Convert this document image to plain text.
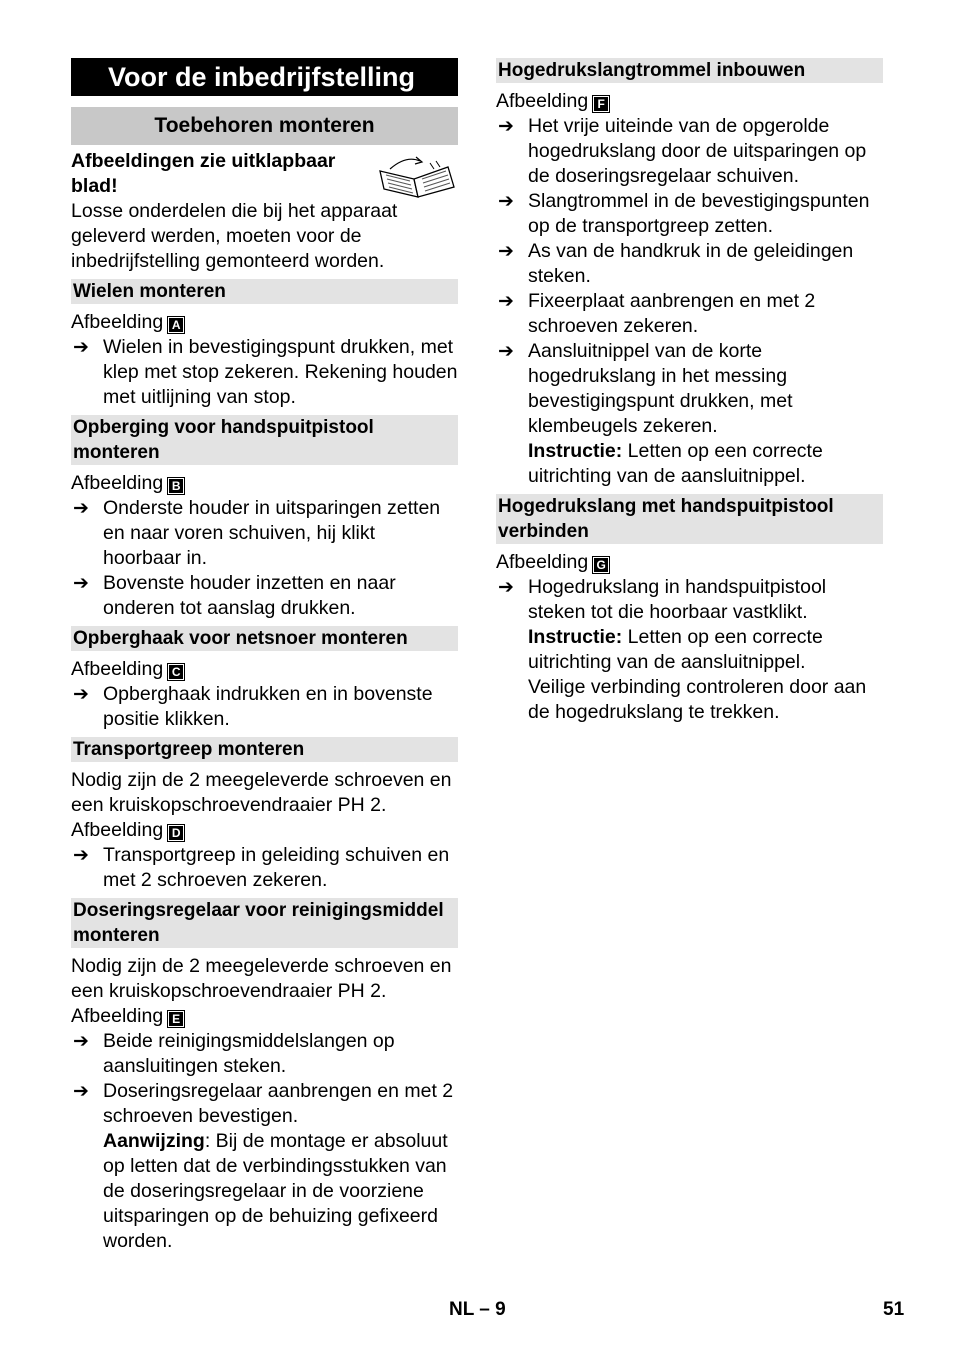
Voor de inbedrijfstelling
Toebehoren monteren

Afbeeldingen zie uitklapbaar blad!

Losse onderdelen die bij het apparaat geleverd werden, moeten voor de inbedrijfstelling gemonteerd worden.

Wielen monteren

Afbeelding A

➔ Wielen in bevestigingspunt drukken, met klep met stop zekeren. Rekening houden met uitlijning van stop.

Opberging voor handspuitpistool monteren

Afbeelding B

➔ Onderste houder in uitsparingen zetten en naar voren schuiven, hij klikt hoorbaar in.

➔ Bovenste houder inzetten en naar onderen tot aanslag drukken.

Opberghaak voor netsnoer monteren

Afbeelding C

➔ Opberghaak indrukken en in bovenste positie klikken.

Transportgreep monteren

Nodig zijn de 2 meegeleverde schroeven en een kruiskopschroevendraaier PH 2.

Afbeelding D

➔ Transportgreep in geleiding schuiven en met 2 schroeven zekeren.

Doseringsregelaar voor reinigingsmiddel monteren

Nodig zijn de 2 meegeleverde schroeven en een kruiskopschroevendraaier PH 2.

Afbeelding E

➔ Beide reinigingsmiddelslangen op aansluitingen steken.

➔ Doseringsregelaar aanbrengen en met 2 schroeven bevestigen.
Aanwijzing: Bij de montage er absoluut op letten dat de verbindingsstukken van de doseringsregelaar in de voorziene uitsparingen op de behuizing gefixeerd worden.

Hogedrukslangtrommel inbouwen

Afbeelding F

➔ Het vrije uiteinde van de opgerolde hogedrukslang door de uitsparingen op de doseringsregelaar schuiven.

➔ Slangtrommel in de bevestigingspunten op de transportgreep zetten.

➔ As van de handkruk in de geleidingen steken.

➔ Fixeerplaat aanbrengen en met 2 schroeven zekeren.

➔ Aansluitnippel van de korte hogedrukslang in het messing bevestigingspunt drukken, met klembeugels zekeren.
Instructie: Letten op een correcte uitrichting van de aansluitnippel.

Hogedrukslang met handspuitpistool verbinden

Afbeelding G

➔ Hogedrukslang in handspuitpistool steken tot die hoorbaar vastklikt.
Instructie: Letten op een correcte uitrichting van de aansluitnippel.
Veilige verbinding controleren door aan de hogedrukslang te trekken.

NL – 9	51
